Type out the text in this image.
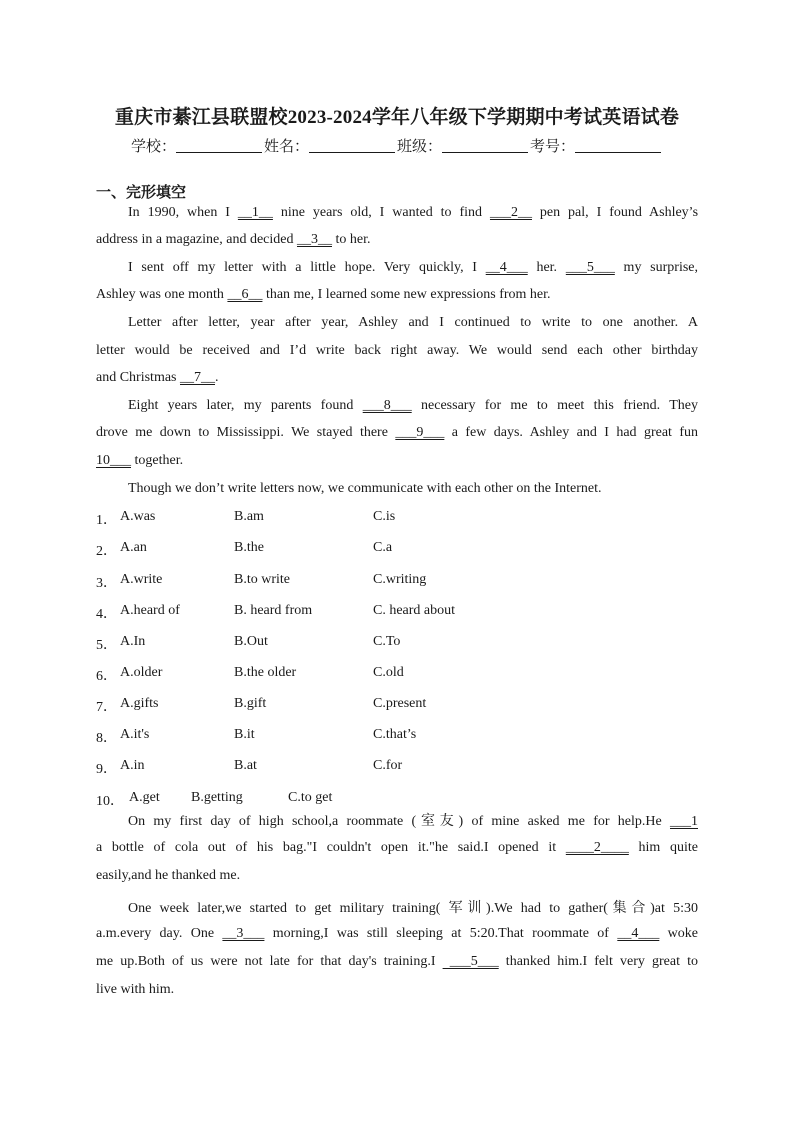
重庆市綦江县联盟校2023-2024学年八年级下学期期中考试英语试卷
学校：	姓名：	班级：	考号：
一、完形填空
In 1990, when I __1__ nine years old, I wanted to find ___2__ pen pal, I found Ashley’s
address in a magazine, and decided __3__ to her.
I sent off my letter with a little hope. Very quickly, I __4___ her. ___5___ my surprise,
Ashley was one month __6__ than me, I learned some new expressions from her.
Letter after letter, year after year, Ashley and I continued to write to one another. A
letter would be received and I’d write back right away. We would send each other birthday
and Christmas __7__.
Eight years later, my parents found ___8___ necessary for me to meet this friend. They
drove me down to Mississippi. We stayed there ___9___ a few days. Ashley and I had great fun
10___ together.
Though we don’t write letters now, we communicate with each other on the Internet.
1． A.was	B.am	C.is
2． A.an	B.the	C.a
3． A.write	B.to write	C.writing
4． A.heard of	B. heard from	C. heard about
5． A.In	B.Out	C.To
6． A.older	B.the older	C.old
7． A.gifts	B.gift	C.present
8． A.it's	B.it	C.that’s
9． A.in	B.at	C.for
10． A.get B.getting	C.to get
On my first day of high school,a roommate (室友) of mine asked me for help.He ___1
a bottle of cola out of his bag."I couldn't open it."he said.I opened it ____2____ him quite
easily,and he thanked me.
One week later,we started to get military training( 军训).We had to gather(集合)at 5:30
a.m.every day. One __3___ morning,I was still sleeping at 5:20.That roommate of __4___ woke
me up.Both of us were not late for that day's training.I  ___5___ thanked him.I felt very great to
live with him.
